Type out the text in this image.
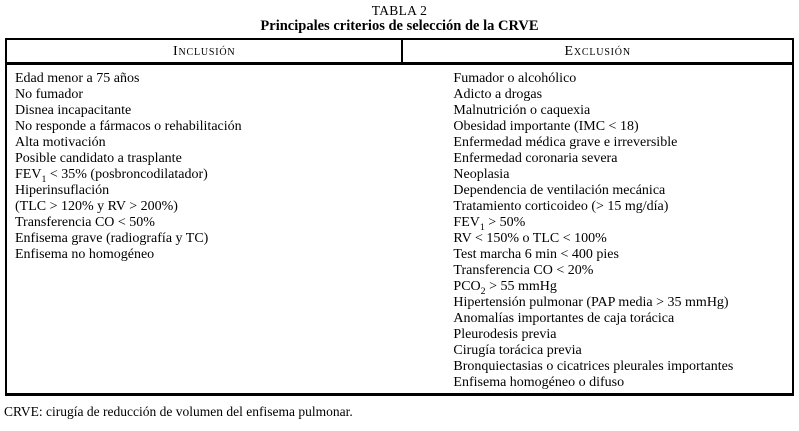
TABLA 2
Principales criterios de selección de la CRVE
Inclusión	Exclusión
Edad menor a 75 años
No fumador
Disnea incapacitante
No responde a fármacos o rehabilitación
Alta motivación
Posible candidato a trasplante
$FEV_1 < 35\%$ (posbroncodilatador)
Hiperinsuflación
(TLC > 120% y RV > 200%)
Transferencia CO < 50%
Enfisema grave (radiografía y TC)
Enfisema no homogéneo
Fumador o alcohólico
Adicto a drogas
Malnutrición o caquexia
Obesidad importante (IMC < 18)
Enfermedad médica grave e irreversible
Enfermedad coronaria severa
Neoplasia
Dependencia de ventilación mecánica
Tratamiento corticoideo (> 15 mg/día)
$FEV_1 > 50\%$
RV < 150% o TLC < 100%
Test marcha 6 min < 400 pies
Transferencia CO < 20%
$PCO_2 > 55$ mmHg
Hipertensión pulmonar (PAP media > 35 mmHg)
Anomalías importantes de caja torácica
Pleurodesis previa
Cirugía torácica previa
Bronquiectasias o cicatrices pleurales importantes
Enfisema homogéneo o difuso
CRVE: cirugía de reducción de volumen del enfisema pulmonar.
